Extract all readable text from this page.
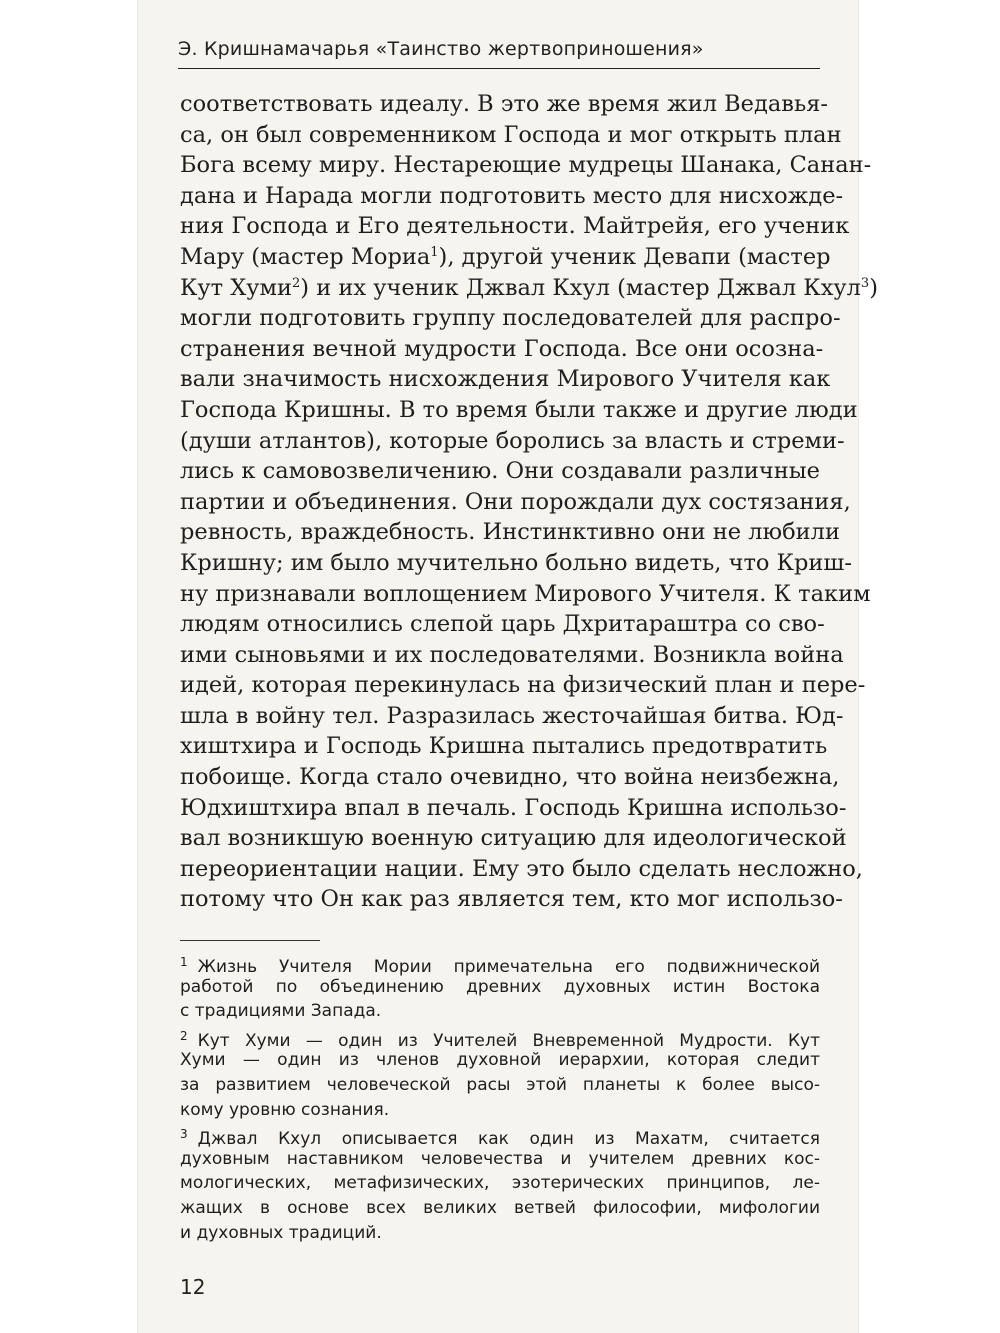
Э. Кришнамачарья «Таинство жертвоприношения»
соответствовать идеалу. В это же время жил Ведавья-
са, он был современником Господа и мог открыть план
Бога всему миру. Нестареющие мудрецы Шанака, Санан-
дана и Нарада могли подготовить место для нисхожде-
ния Господа и Его деятельности. Майтрейя, его ученик
Мару (мастер Мориа$^1$), другой ученик Девапи (мастер
Кут Хуми$^2$) и их ученик Джвал Кхул (мастер Джвал Кхул$^3$)
могли подготовить группу последователей для распро-
странения вечной мудрости Господа. Все они осозна-
вали значимость нисхождения Мирового Учителя как
Господа Кришны. В то время были также и другие люди
(души атлантов), которые боролись за власть и стреми-
лись к самовозвеличению. Они создавали различные
партии и объединения. Они порождали дух состязания,
ревность, враждебность. Инстинктивно они не любили
Кришну; им было мучительно больно видеть, что Криш-
ну признавали воплощением Мирового Учителя. К таким
людям относились слепой царь Дхритараштра со сво-
ими сыновьями и их последователями. Возникла война
идей, которая перекинулась на физический план и пере-
шла в войну тел. Разразилась жесточайшая битва. Юд-
хиштхира и Господь Кришна пытались предотвратить
побоище. Когда стало очевидно, что война неизбежна,
Юдхиштхира впал в печаль. Господь Кришна использо-
вал возникшую военную ситуацию для идеологической
переориентации нации. Ему это было сделать несложно,
потому что Он как раз является тем, кто мог использо-
$^1$ Жизнь Учителя Мории примечательна его подвижнической
работой по объединению древних духовных истин Востока
с традициями Запада.
$^2$ Кут Хуми — один из Учителей Вневременной Мудрости. Кут
Хуми — один из членов духовной иерархии, которая следит
за развитием человеческой расы этой планеты к более высо-
кому уровню сознания.
$^3$ Джвал Кхул описывается как один из Махатм, считается
духовным наставником человечества и учителем древних кос-
мологических, метафизических, эзотерических принципов, ле-
жащих в основе всех великих ветвей философии, мифологии
и духовных традиций.
12
